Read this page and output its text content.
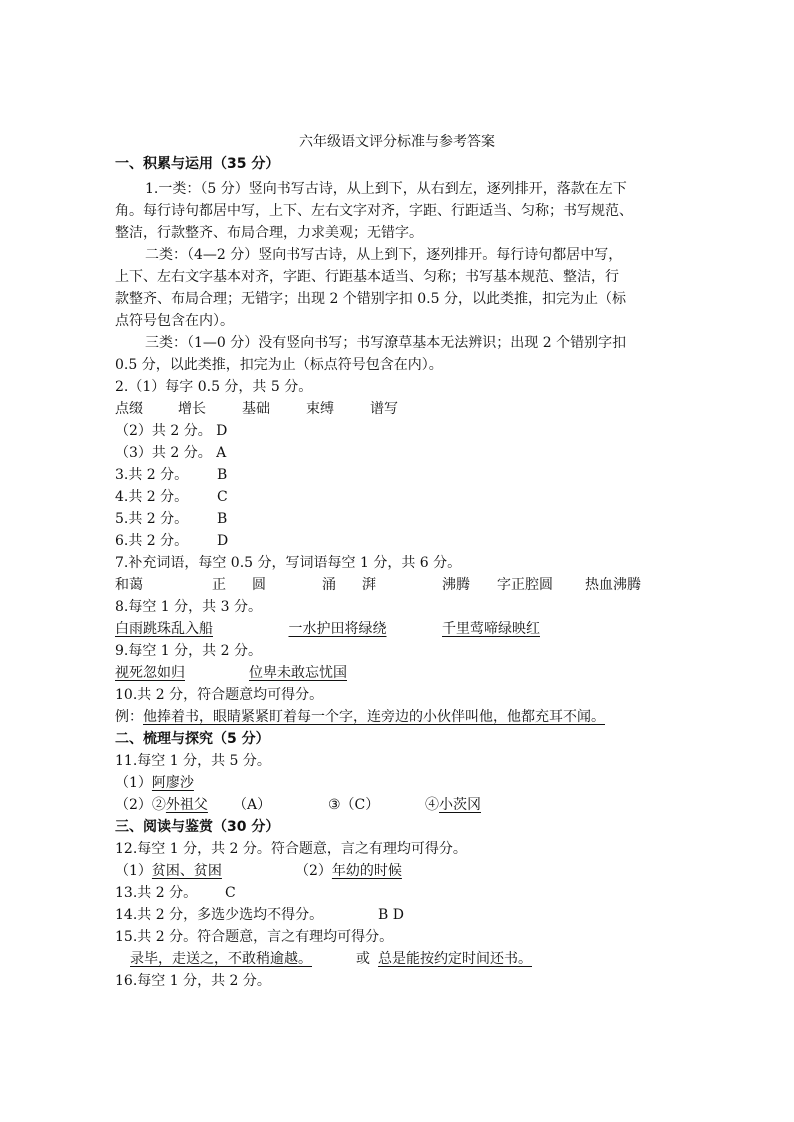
六年级语文评分标准与参考答案
一、积累与运用（35 分）
1.一类：（5 分）竖向书写古诗，从上到下，从右到左，逐列排开，落款在左下
角。每行诗句都居中写，上下、左右文字对齐，字距、行距适当、匀称；书写规范、
整洁，行款整齐、布局合理，力求美观；无错字。
二类：（4—2 分）竖向书写古诗，从上到下，逐列排开。每行诗句都居中写，
上下、左右文字基本对齐，字距、行距基本适当、匀称；书写基本规范、整洁，行
款整齐、布局合理；无错字；出现 2 个错别字扣 0.5 分，以此类推，扣完为止（标
点符号包含在内）。
三类：（1—0 分）没有竖向书写；书写潦草基本无法辨识；出现 2 个错别字扣
0.5 分，以此类推，扣完为止（标点符号包含在内）。
2.（1）每字 0.5 分，共 5 分。
点缀	增长	基础	束缚	谱写
（2）共 2 分。 D
（3）共 2 分。 A
3.共 2 分。 B
4.共 2 分。 C
5.共 2 分。 B
6.共 2 分。 D
7.补充词语，每空 0.5 分，写词语每空 1 分，共 6 分。
和蔼	正 圆	涌 湃	沸腾 字正腔圆 热血沸腾
8.每空 1 分，共 3 分。
白雨跳珠乱入船	一水护田将绿绕	千里莺啼绿映红
9.每空 1 分，共 2 分。
视死忽如归	位卑未敢忘忧国
10.共 2 分，符合题意均可得分。
例：他捧着书，眼睛紧紧盯着每一个字，连旁边的小伙伴叫他，他都充耳不闻。
二、梳理与探究（5 分）
11.每空 1 分，共 5 分。
（1）阿廖沙
（2）②外祖父 （A）	③（C）	④小茨冈
三、阅读与鉴赏（30 分）
12.每空 1 分，共 2 分。符合题意，言之有理均可得分。
（1）贫困、贫困	（2）年幼的时候
13.共 2 分。 C
14.共 2 分，多选少选均不得分。	B D
15.共 2 分。符合题意，言之有理均可得分。
录毕，走送之，不敢稍逾越。	或 总是能按约定时间还书。
16.每空 1 分，共 2 分。
